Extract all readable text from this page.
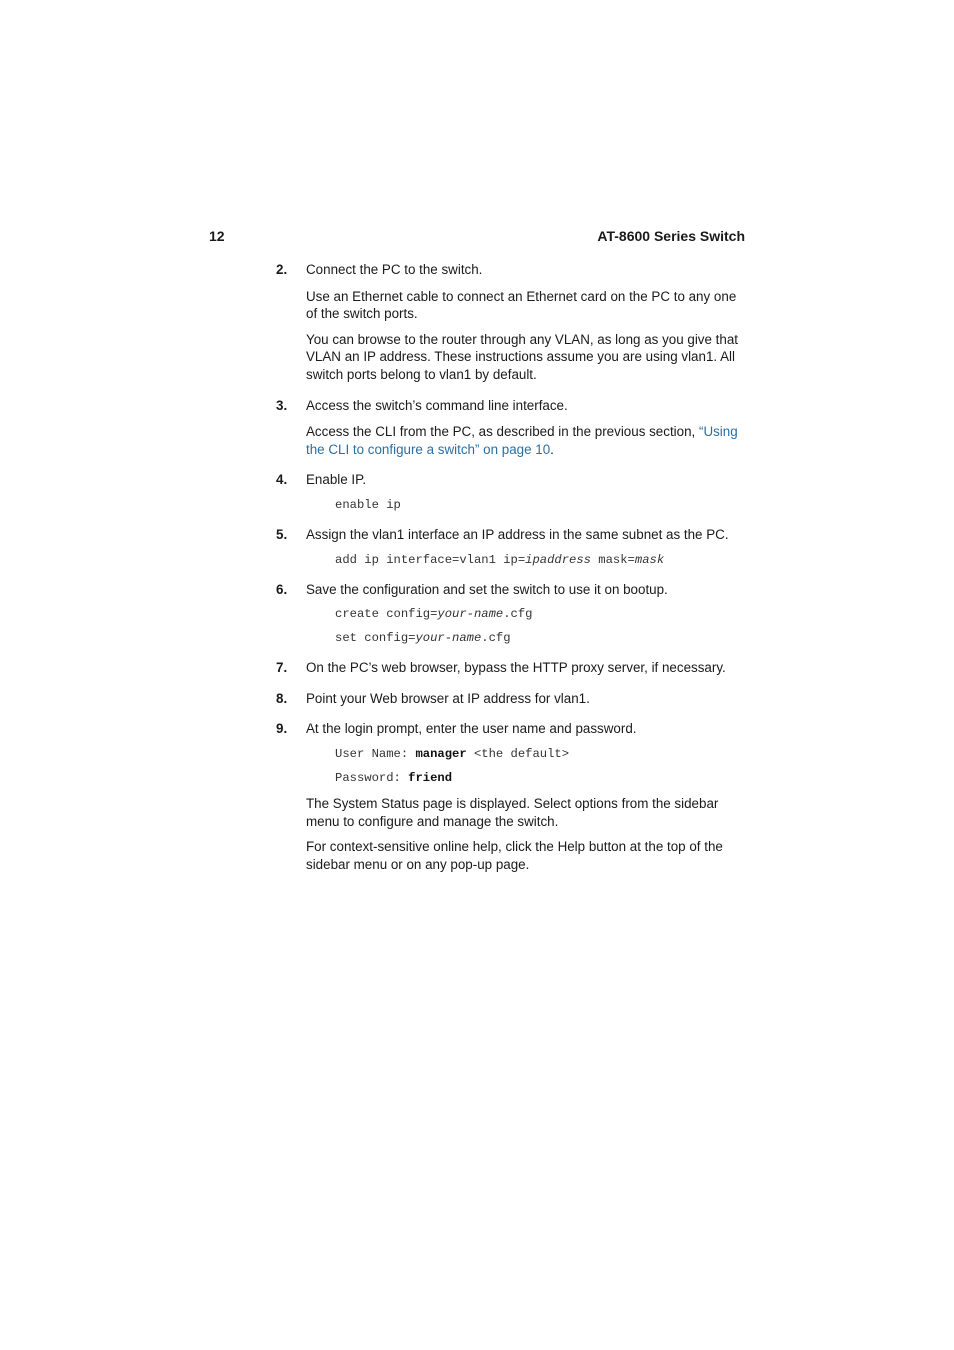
12	AT-8600 Series Switch
2. Connect the PC to the switch.
Use an Ethernet cable to connect an Ethernet card on the PC to any one of the switch ports.
You can browse to the router through any VLAN, as long as you give that VLAN an IP address. These instructions assume you are using vlan1. All switch ports belong to vlan1 by default.
3. Access the switch’s command line interface.
Access the CLI from the PC, as described in the previous section, “Using the CLI to configure a switch” on page 10.
4. Enable IP.
enable ip
5. Assign the vlan1 interface an IP address in the same subnet as the PC.
add ip interface=vlan1 ip=ipaddress mask=mask
6. Save the configuration and set the switch to use it on bootup.
create config=your-name.cfg
set config=your-name.cfg
7. On the PC’s web browser, bypass the HTTP proxy server, if necessary.
8. Point your Web browser at IP address for vlan1.
9. At the login prompt, enter the user name and password.
User Name: manager <the default>
Password: friend
The System Status page is displayed. Select options from the sidebar menu to configure and manage the switch.
For context-sensitive online help, click the Help button at the top of the sidebar menu or on any pop-up page.
